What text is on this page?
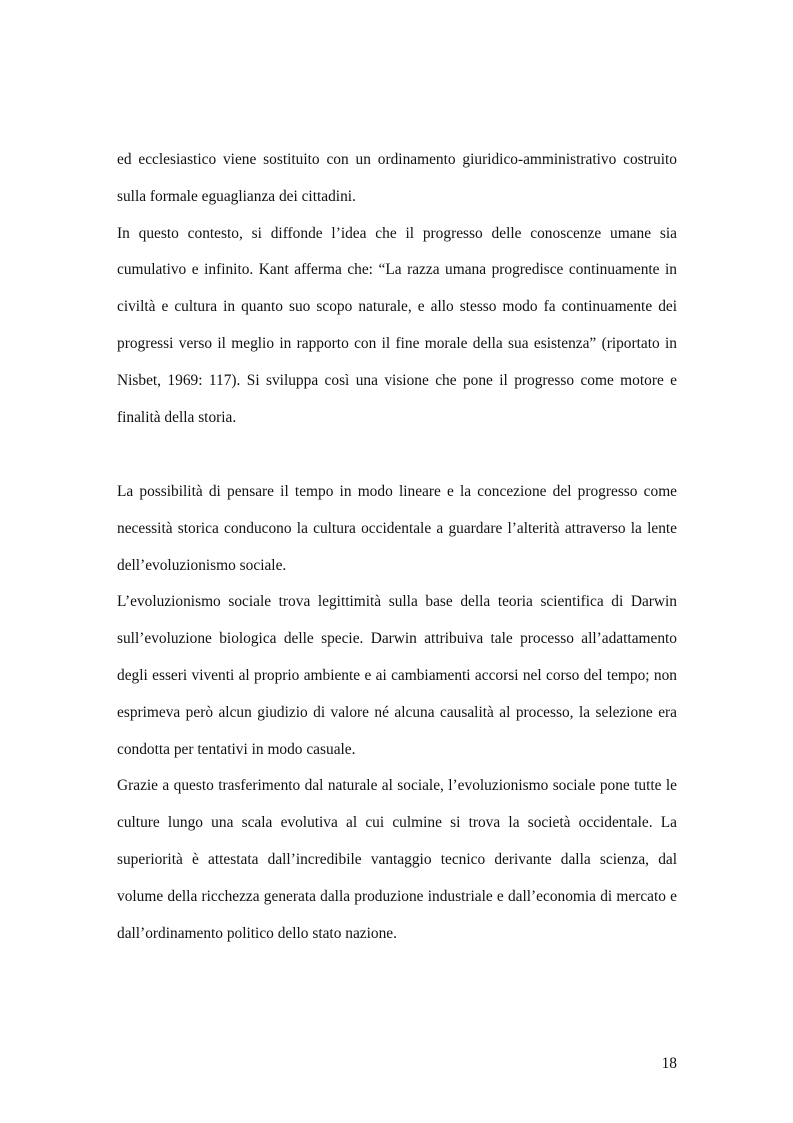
ed ecclesiastico viene sostituito con un ordinamento giuridico-amministrativo costruito sulla formale eguaglianza dei cittadini.

In questo contesto, si diffonde l’idea che il progresso delle conoscenze umane sia cumulativo e infinito. Kant afferma che: “La razza umana progredisce continuamente in civiltà e cultura in quanto suo scopo naturale, e allo stesso modo fa continuamente dei progressi verso il meglio in rapporto con il fine morale della sua esistenza” (riportato in Nisbet, 1969: 117). Si sviluppa così una visione che pone il progresso come motore e finalità della storia.

La possibilità di pensare il tempo in modo lineare e la concezione del progresso come necessità storica conducono la cultura occidentale a guardare l’alterità attraverso la lente dell’evoluzionismo sociale.

L’evoluzionismo sociale trova legittimità sulla base della teoria scientifica di Darwin sull’evoluzione biologica delle specie. Darwin attribuiva tale processo all’adattamento degli esseri viventi al proprio ambiente e ai cambiamenti accorsi nel corso del tempo; non esprimeva però alcun giudizio di valore né alcuna causalità al processo, la selezione era condotta per tentativi in modo casuale.

Grazie a questo trasferimento dal naturale al sociale, l’evoluzionismo sociale pone tutte le culture lungo una scala evolutiva al cui culmine si trova la società occidentale. La superiorità è attestata dall’incredibile vantaggio tecnico derivante dalla scienza, dal volume della ricchezza generata dalla produzione industriale e dall’economia di mercato e dall’ordinamento politico dello stato nazione.

18
